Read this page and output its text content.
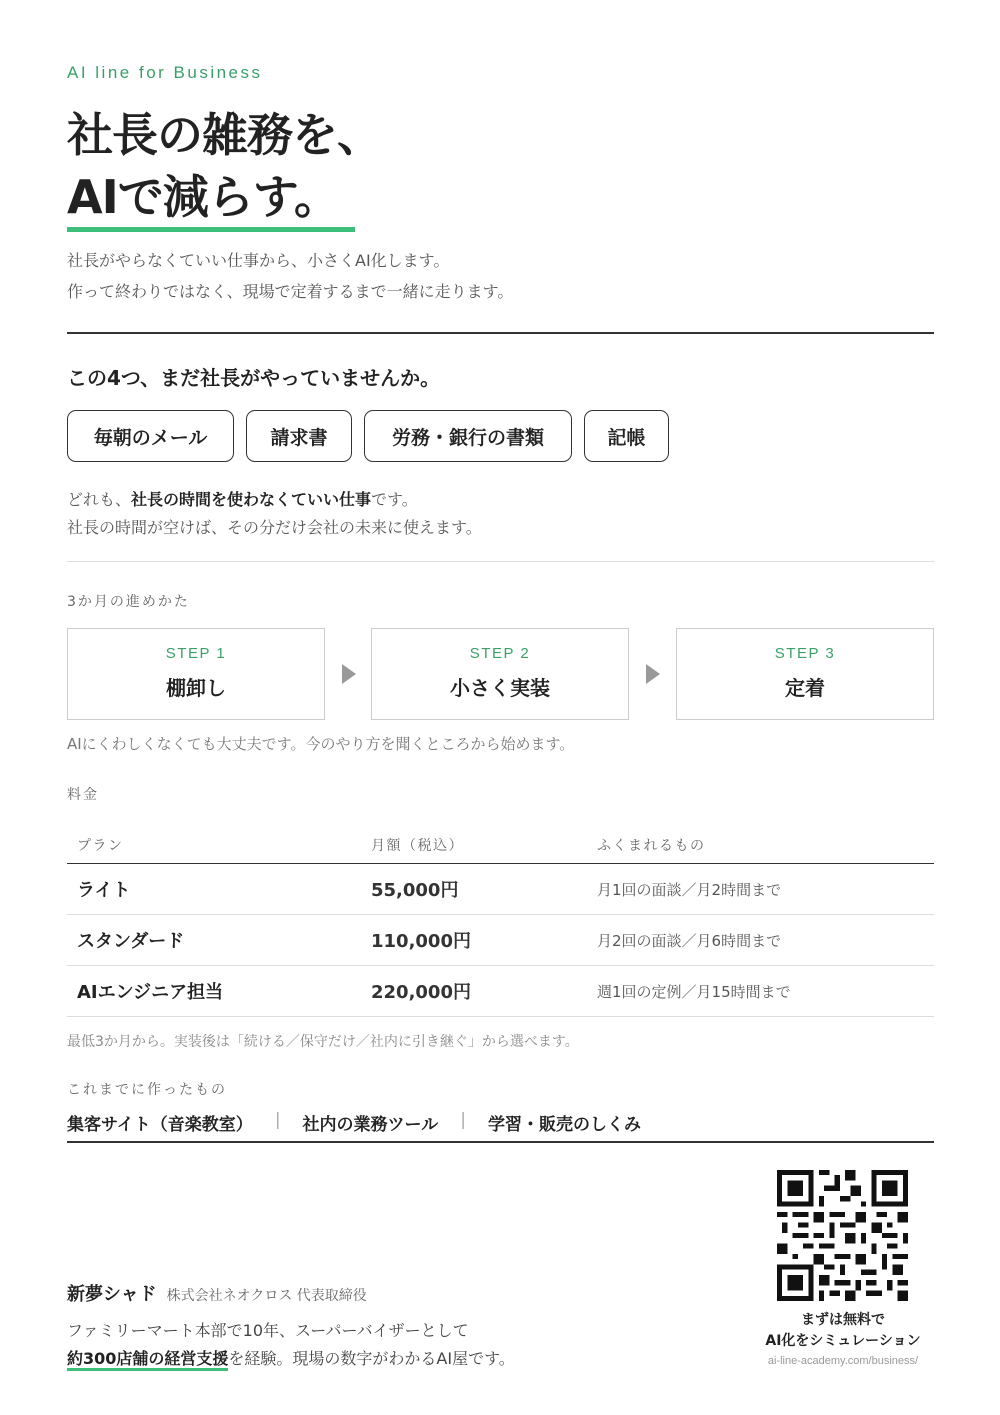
AI line for Business
社長の雑務を、
AIで減らす。
社長がやらなくていい仕事から、小さくAI化します。
作って終わりではなく、現場で定着するまで一緒に走ります。
この4つ、まだ社長がやっていませんか。
毎朝のメール	請求書	労務・銀行の書類	記帳
どれも、社長の時間を使わなくていい仕事です。
社長の時間が空けば、その分だけ会社の未来に使えます。
3か月の進めかた
STEP 1
棚卸し
STEP 2
小さく実装
STEP 3
定着
AIにくわしくなくても大丈夫です。今のやり方を聞くところから始めます。
料金
プラン	月額（税込）	ふくまれるもの
ライト	55,000円	月1回の面談／月2時間まで
スタンダード	110,000円	月2回の面談／月6時間まで
AIエンジニア担当	220,000円	週1回の定例／月15時間まで
最低3か月から。実装後は「続ける／保守だけ／社内に引き継ぐ」から選べます。
これまでに作ったもの
集客サイト（音楽教室） | 社内の業務ツール | 学習・販売のしくみ
まずは無料で
AI化をシミュレーション
ai-line-academy.com/business/
新夢シャド 株式会社ネオクロス 代表取締役
ファミリーマート本部で10年、スーパーバイザーとして
約300店舗の経営支援を経験。現場の数字がわかるAI屋です。
